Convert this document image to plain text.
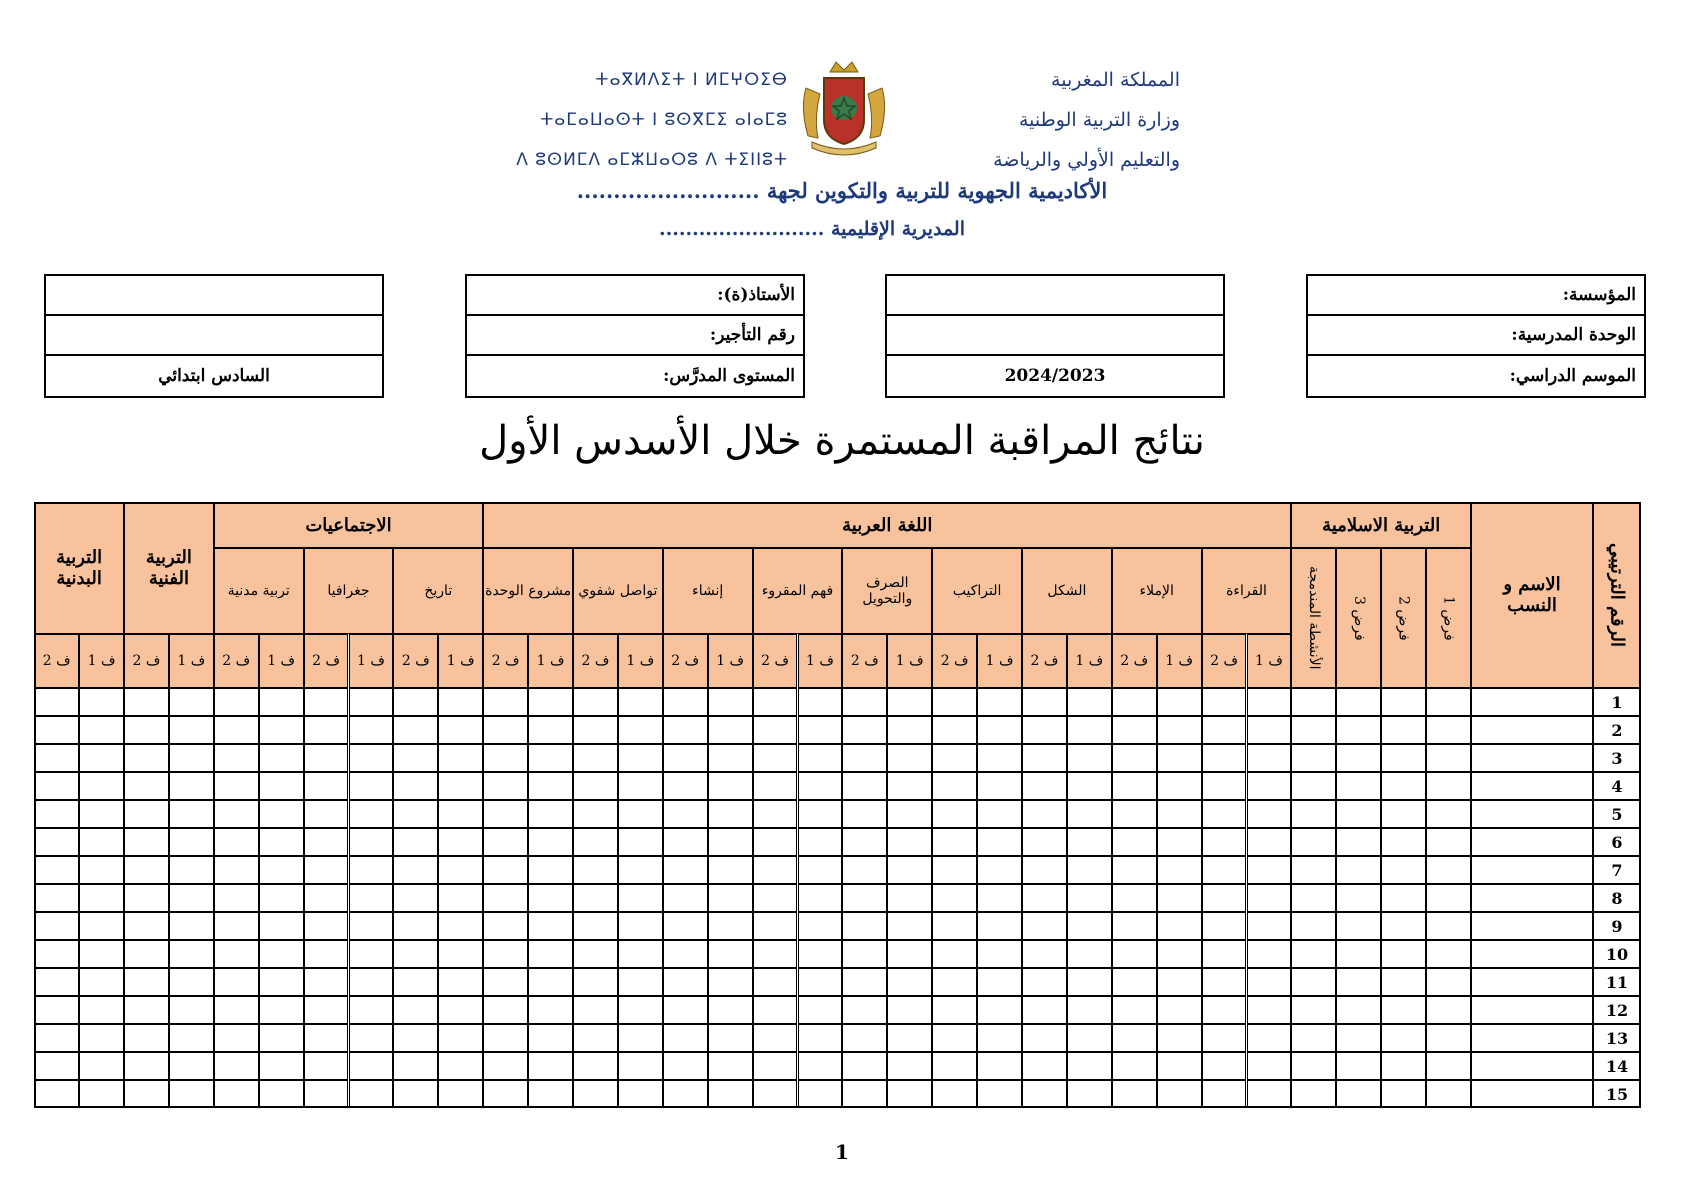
المملكة المغربية
وزارة التربية الوطنية
والتعليم الأولي والرياضة
ⵜⴰⴳⵍⴷⵉⵜ ⵏ ⵍⵎⵖⵔⵉⴱ
ⵜⴰⵎⴰⵡⴰⵙⵜ ⵏ ⵓⵙⴳⵎⵉ ⴰⵏⴰⵎⵓ
ⴷ ⵓⵙⵍⵎⴷ ⴰⵎⵣⵡⴰⵔⵓ ⴷ ⵜⵉⵏⵏⵓⵜ
الأكاديمية الجهوية للتربية والتكوين لجهة .........................
المديرية الإقليمية .........................
المؤسسة:
الوحدة المدرسية:
الموسم الدراسي:
2024/2023
الأستاذ(ة):
رقم التأجير:
المستوى المدرَّس:
السادس ابتدائي
نتائج المراقبة المستمرة خلال الأسدس الأول
الرقم الترتيبي
الاسم و النسب
التربية الاسلامية
فرض 1
فرض 2
فرض 3
الأنشطة المندمجة
اللغة العربية
القراءة
الإملاء
الشكل
التراكيب
الصرف والتحويل
فهم المقروء
إنشاء
تواصل شفوي
مشروع الوحدة
الاجتماعيات
تاريخ
جغرافيا
تربية مدنية
التربية الفنية
التربية البدنية
ف 1
ف 2
ف 1
ف 2
ف 1
ف 2
ف 1
ف 2
ف 1
ف 2
ف 1
ف 2
ف 1
ف 2
ف 1
ف 2
ف 1
ف 2
ف 1
ف 2
ف 1
ف 2
ف 1
ف 2
ف 1
ف 2
ف 1
ف 2
1
2
3
4
5
6
7
8
9
10
11
12
13
14
15
1
